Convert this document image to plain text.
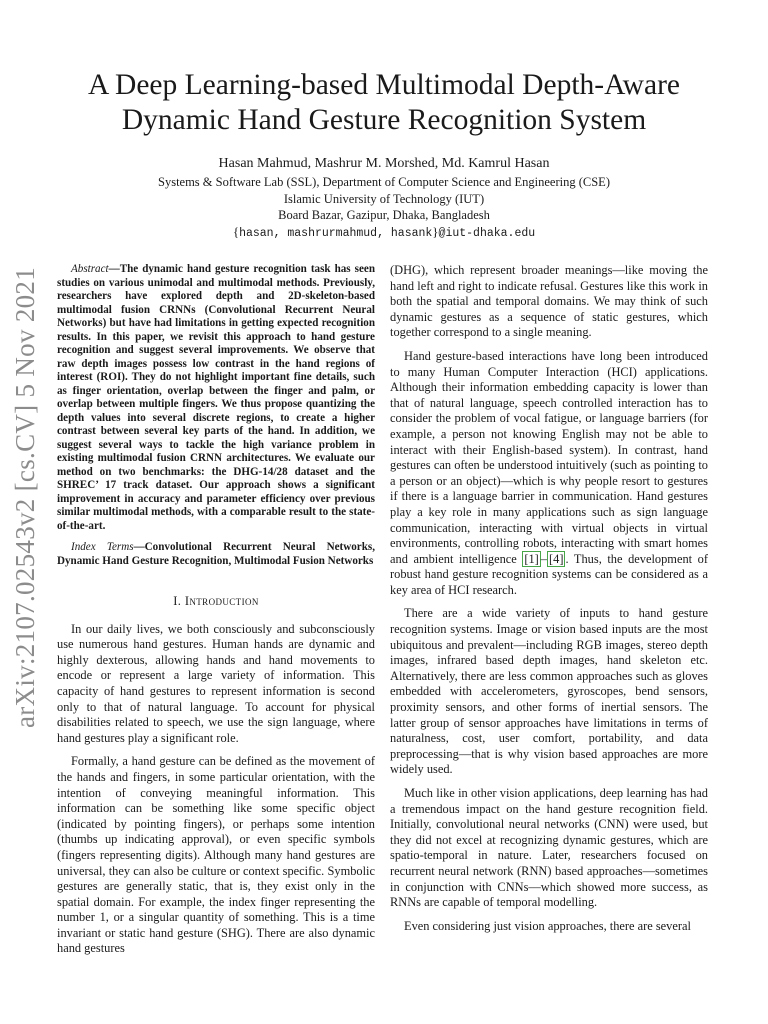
arXiv:2107.02543v2 [cs.CV] 5 Nov 2021
A Deep Learning-based Multimodal Depth-Aware
Dynamic Hand Gesture Recognition System
Hasan Mahmud, Mashrur M. Morshed, Md. Kamrul Hasan
Systems & Software Lab (SSL), Department of Computer Science and Engineering (CSE)
Islamic University of Technology (IUT)
Board Bazar, Gazipur, Dhaka, Bangladesh
{hasan, mashrurmahmud, hasank}@iut-dhaka.edu

Abstract—The dynamic hand gesture recognition task has seen studies on various unimodal and multimodal methods. Previously, researchers have explored depth and 2D-skeleton-based multimodal fusion CRNNs (Convolutional Recurrent Neural Networks) but have had limitations in getting expected recognition results. In this paper, we revisit this approach to hand gesture recognition and suggest several improvements. We observe that raw depth images possess low contrast in the hand regions of interest (ROI). They do not highlight important fine details, such as finger orientation, overlap between the finger and palm, or overlap between multiple fingers. We thus propose quantizing the depth values into several discrete regions, to create a higher contrast between several key parts of the hand. In addition, we suggest several ways to tackle the high variance problem in existing multimodal fusion CRNN architectures. We evaluate our method on two benchmarks: the DHG-14/28 dataset and the SHREC’ 17 track dataset. Our approach shows a significant improvement in accuracy and parameter efficiency over previous similar multimodal methods, with a comparable result to the state-of-the-art.

Index Terms—Convolutional Recurrent Neural Networks, Dynamic Hand Gesture Recognition, Multimodal Fusion Networks

I. Introduction

In our daily lives, we both consciously and subconsciously use numerous hand gestures. Human hands are dynamic and highly dexterous, allowing hands and hand movements to encode or represent a large variety of information. This capacity of hand gestures to represent information is second only to that of natural language. To account for physical disabilities related to speech, we use the sign language, where hand gestures play a significant role.

Formally, a hand gesture can be defined as the movement of the hands and fingers, in some particular orientation, with the intention of conveying meaningful information. This information can be something like some specific object (indicated by pointing fingers), or perhaps some intention (thumbs up indicating approval), or even specific symbols (fingers representing digits). Although many hand gestures are universal, they can also be culture or context specific. Symbolic gestures are generally static, that is, they exist only in the spatial domain. For example, the index finger representing the number 1, or a singular quantity of something. This is a time invariant or static hand gesture (SHG). There are also dynamic hand gestures

(DHG), which represent broader meanings—like moving the hand left and right to indicate refusal. Gestures like this work in both the spatial and temporal domains. We may think of such dynamic gestures as a sequence of static gestures, which together correspond to a single meaning.

Hand gesture-based interactions have long been introduced to many Human Computer Interaction (HCI) applications. Although their information embedding capacity is lower than that of natural language, speech controlled interaction has to consider the problem of vocal fatigue, or language barriers (for example, a person not knowing English may not be able to interact with their English-based system). In contrast, hand gestures can often be understood intuitively (such as pointing to a person or an object)—which is why people resort to gestures if there is a language barrier in communication. Hand gestures play a key role in many applications such as sign language communication, interacting with virtual objects in virtual environments, controlling robots, interacting with smart homes and ambient intelligence [1] – [4] . Thus, the development of robust hand gesture recognition systems can be considered as a key area of HCI research.

There are a wide variety of inputs to hand gesture recognition systems. Image or vision based inputs are the most ubiquitous and prevalent—including RGB images, stereo depth images, infrared based depth images, hand skeleton etc. Alternatively, there are less common approaches such as gloves embedded with accelerometers, gyroscopes, bend sensors, proximity sensors, and other forms of inertial sensors. The latter group of sensor approaches have limitations in terms of naturalness, cost, user comfort, portability, and data preprocessing—that is why vision based approaches are more widely used.

Much like in other vision applications, deep learning has had a tremendous impact on the hand gesture recognition field. Initially, convolutional neural networks (CNN) were used, but they did not excel at recognizing dynamic gestures, which are spatio-temporal in nature. Later, researchers focused on recurrent neural network (RNN) based approaches—sometimes in conjunction with CNNs—which showed more success, as RNNs are capable of temporal modelling.

Even considering just vision approaches, there are several
